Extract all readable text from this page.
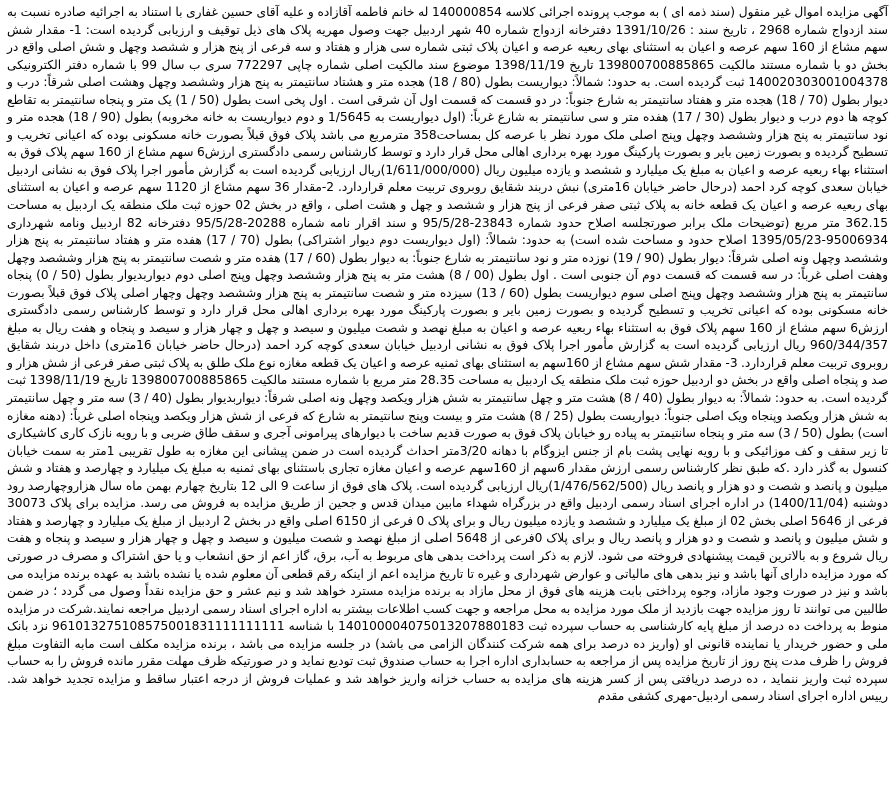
آگهی مزایده اموال غیر منقول (سند ذمه ای ) به موجب پرونده اجرائی کلاسه 140000854 له خانم فاطمه آقازاده و علیه آقای حسین غفاری با استناد به اجرائیه صادره نسبت به سند ازدواج شماره 2968 ، تاریخ سند : 1391/10/26 دفترخانه ازدواج شماره 40 شهر اردبیل جهت وصول مهریه پلاک های ذیل توقیف و ارزیابی گردیده است: 1- مقدار شش سهم مشاع از 160 سهم عرصه و اعیان به استثنای بهای ربعیه عرصه و اعیان پلاک ثبتی شماره سی هزار و هفتاد و سه فرعی از پنج هزار و ششصد وچهل و شش اصلی واقع در بخش دو با شماره مستند مالکیت 139800700885865 تاریخ 1398/11/19 موضوع سند مالکیت اصلی شماره چاپی 772297 سری ب سال 99 با شماره دفتر الکترونیکی 140020303001004378 ثبت گردیده است. به حدود: شمالاً: دیواریست بطول (80 / 18) هجده متر و هشتاد سانتیمتر به پنج هزار وششصد وچهل وهشت اصلی شرقاً: درب و دیوار بطول (70 / 18) هجده متر و هفتاد سانتیمتر به شارع جنوباً: در دو قسمت که قسمت اول آن شرقی است . اول پخی است بطول (50 / 1) یک متر و پنجاه سانتیمتر به تقاطع کوچه ها دوم درب و دیوار بطول (30 / 17) هفده متر و سی سانتیمتر به شارع غرباً: (اول دیواریست به 1/5645 و دوم دیواریست به خانه مخروبه) بطول (90 / 18) هجده متر و نود سانتیمتر به پنج هزار وششصد وچهل وپنج اصلی ملک مورد نظر با عرصه کل بمساحت358 مترمربع می باشد پلاک فوق قبلاً بصورت خانه مسکونی بوده که اعیانی تخریب و تسطیح گردیده و بصورت زمین بایر و بصورت پارکینگ مورد بهره برداری اهالی محل قرار دارد و توسط کارشناس رسمی دادگستری ارزش6 سهم مشاع از 160 سهم پلاک فوق به استثناء بهاء ربعیه عرصه و اعیان به مبلغ یک میلیارد و ششصد و یازده میلیون ریال (1/611/000/000)ریال ارزیابی گردیده است به گزارش مأمور اجرا پلاک فوق به نشانی اردبیل خیابان سعدی کوچه کرد احمد (درحال حاضر خیابان 16متری) نبش دربند شقایق روبروی تربیت معلم قراردارد. 2-مقدار 36 سهم مشاع از 1120 سهم عرصه و اعیان به استثنای بهای ربعیه عرصه و اعیان یک قطعه خانه به پلاک ثبتی صفر فرعی از پنج هزار و ششصد و چهل و هشت اصلی ، واقع در بخش 02 حوزه ثبت ملک منطقه یک اردبیل به مساحت 362.15 متر مربع (توضیحات ملک برابر صورتجلسه اصلاح حدود شماره 23843-95/5/28 و سند اقرار نامه شماره 20288-95/5/28 دفترخانه 82 اردبیل ونامه شهرداری 95006934-1395/05/23 اصلاح حدود و مساحت شده است) به حدود: شمالاً: (اول دیواریست دوم دیوار اشتراکی) بطول (70 / 17) هفده متر و هفتاد سانتیمتر به پنج هزار وششصد وچهل ونه اصلی شرقاً: دیوار بطول (90 / 19) نوزده متر و نود سانتیمتر به شارع جنوباً: به دیوار بطول (60 / 17) هفده متر و شصت سانتیمتر به پنج هزار وششصد وچهل وهفت اصلی غرباً: در سه قسمت که قسمت دوم آن جنوبی است . اول بطول (00 / 8) هشت متر به پنج هزار وششصد وچهل وپنج اصلی دوم دیواربدیوار بطول (50 / 0) پنجاه سانتیمتر به پنج هزار وششصد وچهل وپنج اصلی سوم دیواریست بطول (60 / 13) سیزده متر و شصت سانتیمتر به پنج هزار وششصد وچهل وچهار اصلی پلاک فوق قبلاً بصورت خانه مسکونی بوده که اعیانی تخریب و تسطیح گردیده و بصورت زمین بایر و بصورت پارکینگ مورد بهره برداری اهالی محل قرار دارد و توسط کارشناس رسمی دادگستری ارزش6 سهم مشاع از 160 سهم پلاک فوق به استثناء بهاء ربعیه عرصه و اعیان به مبلغ نهصد و شصت میلیون و سیصد و چهل و چهار هزار و سیصد و پنجاه و هفت ریال به مبلغ 960/344/357 ریال ارزیابی گردیده است به گزارش مأمور اجرا پلاک فوق به نشانی اردبیل خیابان سعدی کوچه کرد احمد (درحال حاضر خیابان 16متری) داخل دربند شقایق روبروی تربیت معلم قراردارد. 3- مقدار شش سهم مشاع از 160سهم به استثنای بهای ثمنیه عرصه و اعیان یک قطعه مغازه نوع ملک طلق به پلاک ثبتی صفر فرعی از شش هزار و صد و پنجاه اصلی واقع در بخش دو اردبیل حوزه ثبت ملک منطقه یک اردبیل به مساحت 28.35 متر مربع با شماره مستند مالکیت 139800700885865 تاریخ 1398/11/19 ثبت گردیده است. به حدود: شمالاً: به دیوار بطول (40 / 8) هشت متر و چهل سانتیمتر به شش هزار ویکصد وچهل ونه اصلی شرقاً: دیواربدیوار بطول (40 / 3) سه متر و چهل سانتیمتر به شش هزار ویکصد وپنجاه ویک اصلی جنوباً: دیواریست بطول (25 / 8) هشت متر و بیست وپنج سانتیمتر به شارع که فرعی از شش هزار ویکصد وپنجاه اصلی غرباً: (دهنه مغازه است) بطول (50 / 3) سه متر و پنجاه سانتیمتر به پیاده رو خیابان پلاک فوق به صورت قدیم ساخت با دیوارهای پیرامونی آجری و سقف طاق ضربی و با رویه نازک کاری کاشیکاری تا زیر سقف و کف موزائیکی و با رویه نهایی پشت بام از جنس ایزوگام با دهانه 3/20متر احداث گردیده است در ضمن پیشانی این مغازه به طول تقریبی 1متر به سمت خیابان کنسول به گذر دارد .که طبق نظر کارشناس رسمی ارزش مقدار 6سهم از 160سهم عرصه و اعیان مغازه تجاری باستثنای بهای ثمنیه به مبلغ یک میلیارد و چهارصد و هفتاد و شش میلیون و پانصد و شصت و دو هزار و پانصد ریال (1/476/562/500)ریال ارزیابی گردیده است. پلاک های فوق از ساعت 9 الی 12 بتاریخ چهارم بهمن ماه سال هزاروچهارصد رود دوشنبه (1400/11/04) در اداره اجرای اسناد رسمی اردبیل واقع در بزرگراه شهداء مابین میدان قدس و جحین از طریق مزایده به فروش می رسد. مزایده برای پلاک 30073 فرعی از 5646 اصلی بخش 02 از مبلغ یک میلیارد و ششصد و یازده میلیون ریال و برای پلاک 0 فرعی از 6150 اصلی واقع در بخش 2 اردبیل از مبلغ یک میلیارد و چهارصد و هفتاد و شش میلیون و پانصد و شصت و دو هزار و پانصد ریال و برای پلاک 0فرعی از 5648 اصلی از مبلغ نهصد و شصت میلیون و سیصد و چهل و چهار هزار و سیصد و پنجاه و هفت ریال شروع و به بالاترین قیمت پیشنهادی فروخته می شود. لازم به ذکر است پرداخت بدهی های مربوط به آب، برق، گاز اعم از حق انشعاب و یا حق اشتراک و مصرف در صورتی که مورد مزایده دارای آنها باشد و نیز بدهی های مالیاتی و عوارض شهرداری و غیره تا تاریخ مزایده اعم از اینکه رقم قطعی آن معلوم شده یا نشده باشد به عهده برنده مزایده می باشد و نیز در صورت وجود مازاد، وجوه پرداختی بابت هزینه های فوق از محل مازاد به برنده مزایده مسترد خواهد شد و نیم عشر و حق مزایده نقداً وصول می گردد ؛ در ضمن طالبین می توانند تا روز مزایده جهت بازدید از ملک مورد مزایده به محل مراجعه و جهت کسب اطلاعات بیشتر به اداره اجرای اسناد رسمی اردبیل مراجعه نمایند.شرکت در مزایده منوط به پرداخت ده درصد از مبلغ پایه کارشناسی به حساب سپرده ثبت 140100004075013207880183 با شناسه 961013275108575001831111111111 نزد بانک ملی و حضور خریدار یا نماینده قانونی او (واریز ده درصد برای همه شرکت کنندگان الزامی می باشد) در جلسه مزایده می باشد ، برنده مزایده مکلف است مابه التفاوت مبلغ فروش را ظرف مدت پنج روز از تاریخ مزایده پس از مراجعه به حسابداری اداره اجرا به حساب صندوق ثبت تودیع نماید و در صورتیکه ظرف مهلت مقرر مانده فروش را به حساب سپرده ثبت واریز ننماید ، ده درصد دریافتی پس از کسر هزینه های مزایده به حساب خزانه واریز خواهد شد و عملیات فروش از درجه اعتبار ساقط و مزایده تجدید خواهد شد. رییس اداره اجرای اسناد رسمی اردبیل-مهری کشفی مقدم
